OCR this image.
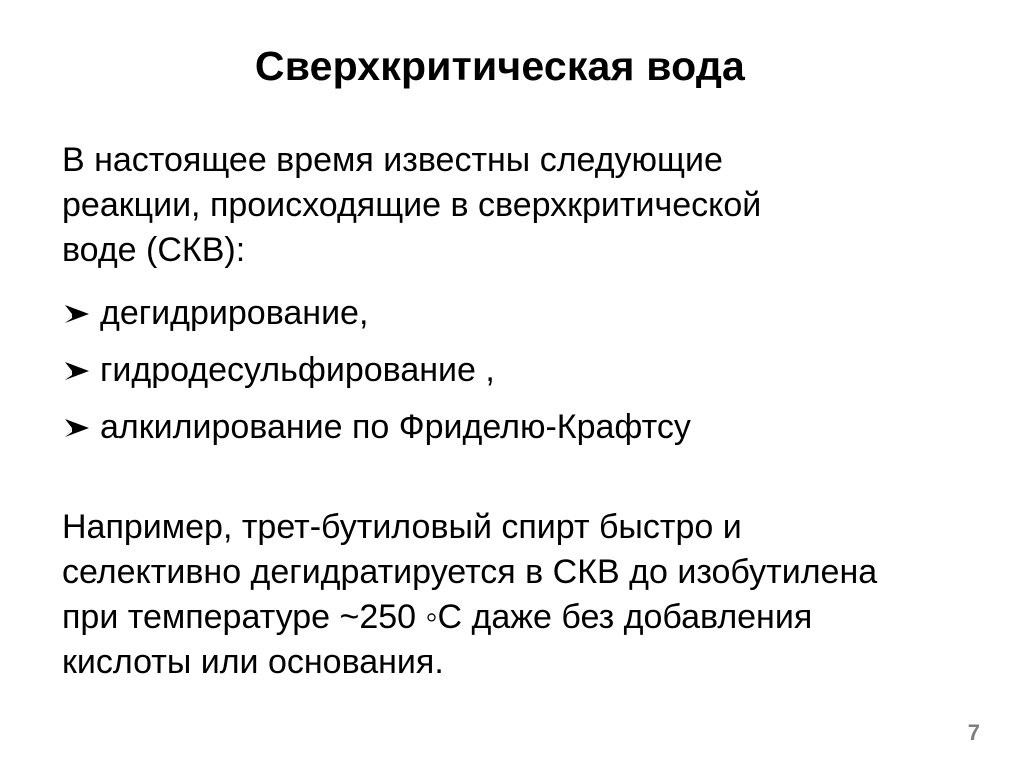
Сверхкритическая вода
В настоящее время известны следующие
реакции, происходящие в сверхкритической
воде (СКВ):
дегидрирование,
гидродесульфирование ,
алкилирование по Фриделю-Крафтсу
Например, трет-бутиловый спирт быстро и
селективно дегидратируется в СКВ до изобутилена
при температуре ~250 ◦С даже без добавления
кислоты или основания.
7
